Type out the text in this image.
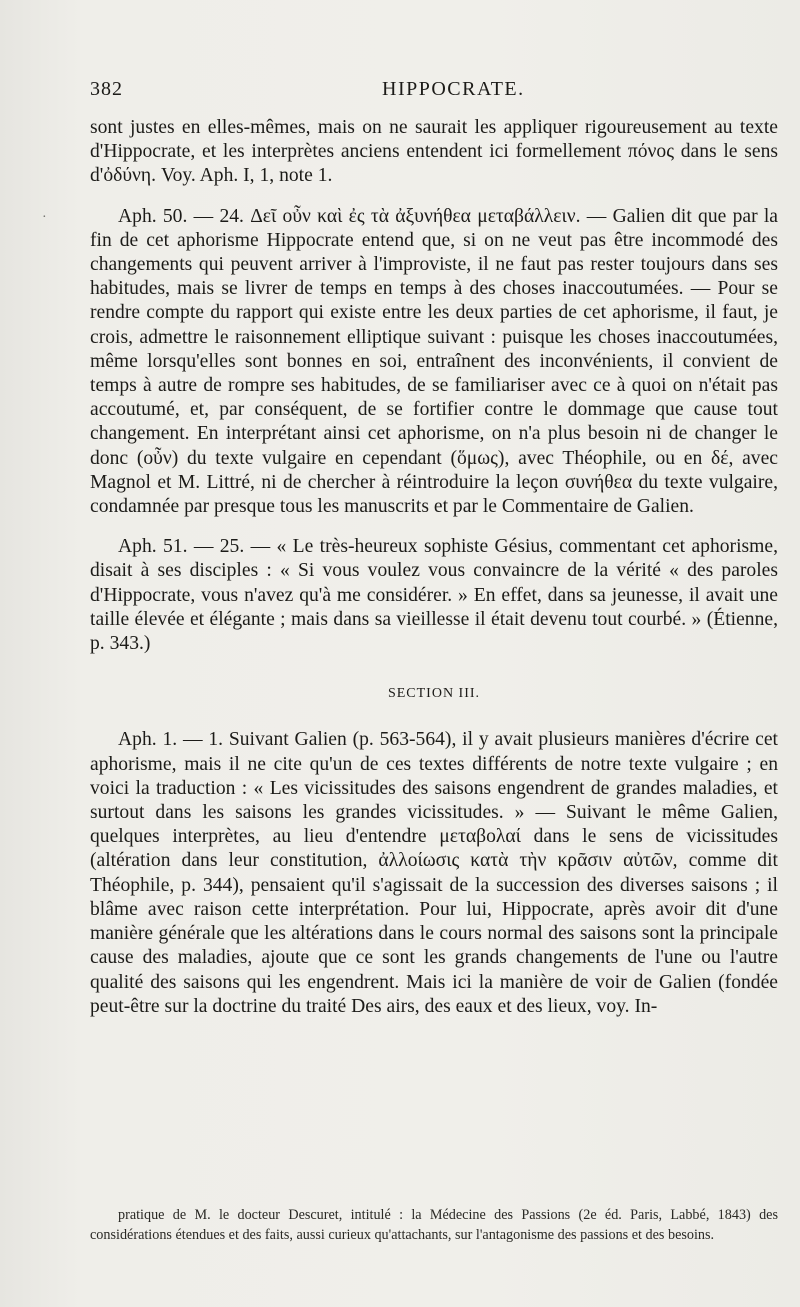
382	HIPPOCRATE.
·

sont justes en elles-mêmes, mais on ne saurait les appliquer rigoureusement au texte d'Hippocrate, et les interprètes anciens entendent ici formellement πόνος dans le sens d'ὀδύνη. Voy. Aph. I, 1, note 1.

Aph. 50. — 24. Δεῖ οὖν καὶ ἐς τὰ ἀξυνήθεα μεταβάλλειν. — Galien dit que par la fin de cet aphorisme Hippocrate entend que, si on ne veut pas être incommodé des changements qui peuvent arriver à l'improviste, il ne faut pas rester toujours dans ses habitudes, mais se livrer de temps en temps à des choses inaccoutumées. — Pour se rendre compte du rapport qui existe entre les deux parties de cet aphorisme, il faut, je crois, admettre le raisonnement elliptique suivant : puisque les choses inaccoutumées, même lorsqu'elles sont bonnes en soi, entraînent des inconvénients, il convient de temps à autre de rompre ses habitudes, de se familiariser avec ce à quoi on n'était pas accoutumé, et, par conséquent, de se fortifier contre le dommage que cause tout changement. En interprétant ainsi cet aphorisme, on n'a plus besoin ni de changer le donc (οὖν) du texte vulgaire en cependant (ὅμως), avec Théophile, ou en δέ, avec Magnol et M. Littré, ni de chercher à réintroduire la leçon συνήθεα du texte vulgaire, condamnée par presque tous les manuscrits et par le Commentaire de Galien.

Aph. 51. — 25. — « Le très-heureux sophiste Gésius, commentant cet aphorisme, disait à ses disciples : « Si vous voulez vous convaincre de la vérité « des paroles d'Hippocrate, vous n'avez qu'à me considérer. » En effet, dans sa jeunesse, il avait une taille élevée et élégante ; mais dans sa vieillesse il était devenu tout courbé. » (Étienne, p. 343.)

SECTION III.

Aph. 1. — 1. Suivant Galien (p. 563-564), il y avait plusieurs manières d'écrire cet aphorisme, mais il ne cite qu'un de ces textes différents de notre texte vulgaire ; en voici la traduction : « Les vicissitudes des saisons engendrent de grandes maladies, et surtout dans les saisons les grandes vicissitudes. » — Suivant le même Galien, quelques interprètes, au lieu d'entendre μεταβολαί dans le sens de vicissitudes (altération dans leur constitution, ἀλλοίωσις κατὰ τὴν κρᾶσιν αὐτῶν, comme dit Théophile, p. 344), pensaient qu'il s'agissait de la succession des diverses saisons ; il blâme avec raison cette interprétation. Pour lui, Hippocrate, après avoir dit d'une manière générale que les altérations dans le cours normal des saisons sont la principale cause des maladies, ajoute que ce sont les grands changements de l'une ou l'autre qualité des saisons qui les engendrent. Mais ici la manière de voir de Galien (fondée peut-être sur la doctrine du traité Des airs, des eaux et des lieux, voy. In-

pratique de M. le docteur Descuret, intitulé : la Médecine des Passions (2e éd. Paris, Labbé, 1843) des considérations étendues et des faits, aussi curieux qu'attachants, sur l'antagonisme des passions et des besoins.
